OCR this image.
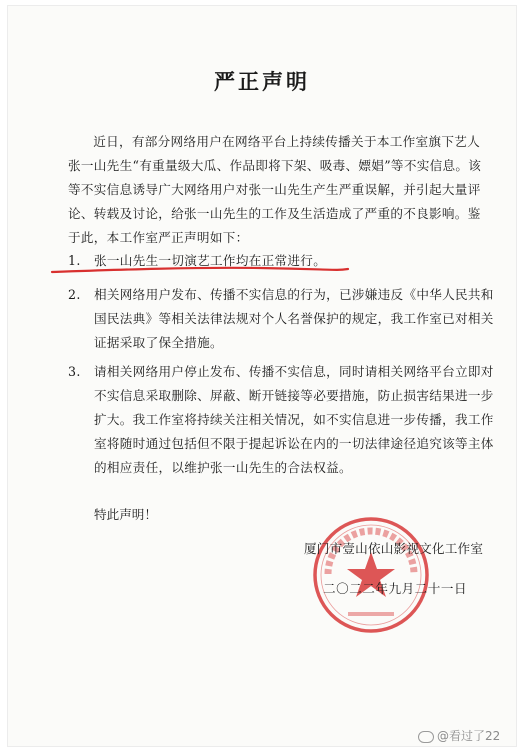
严正声明
近日，有部分网络用户在网络平台上持续传播关于本工作室旗下艺人张一山先生“有重量级大瓜、作品即将下架、吸毒、嫖娼”等不实信息。该等不实信息诱导广大网络用户对张一山先生产生严重误解，并引起大量评论、转载及讨论，给张一山先生的工作及生活造成了严重的不良影响。鉴于此，本工作室严正声明如下：
1. 张一山先生一切演艺工作均在正常进行。
2. 相关网络用户发布、传播不实信息的行为，已涉嫌违反《中华人民共和国民法典》等相关法律法规对个人名誉保护的规定，我工作室已对相关证据采取了保全措施。
3. 请相关网络用户停止发布、传播不实信息，同时请相关网络平台立即对不实信息采取删除、屏蔽、断开链接等必要措施，防止损害结果进一步扩大。我工作室将持续关注相关情况，如不实信息进一步传播，我工作室将随时通过包括但不限于提起诉讼在内的一切法律途径追究该等主体的相应责任，以维护张一山先生的合法权益。
特此声明！
厦门市壹山依山影视文化工作室
二〇二二年九月二十一日
@看过了22
